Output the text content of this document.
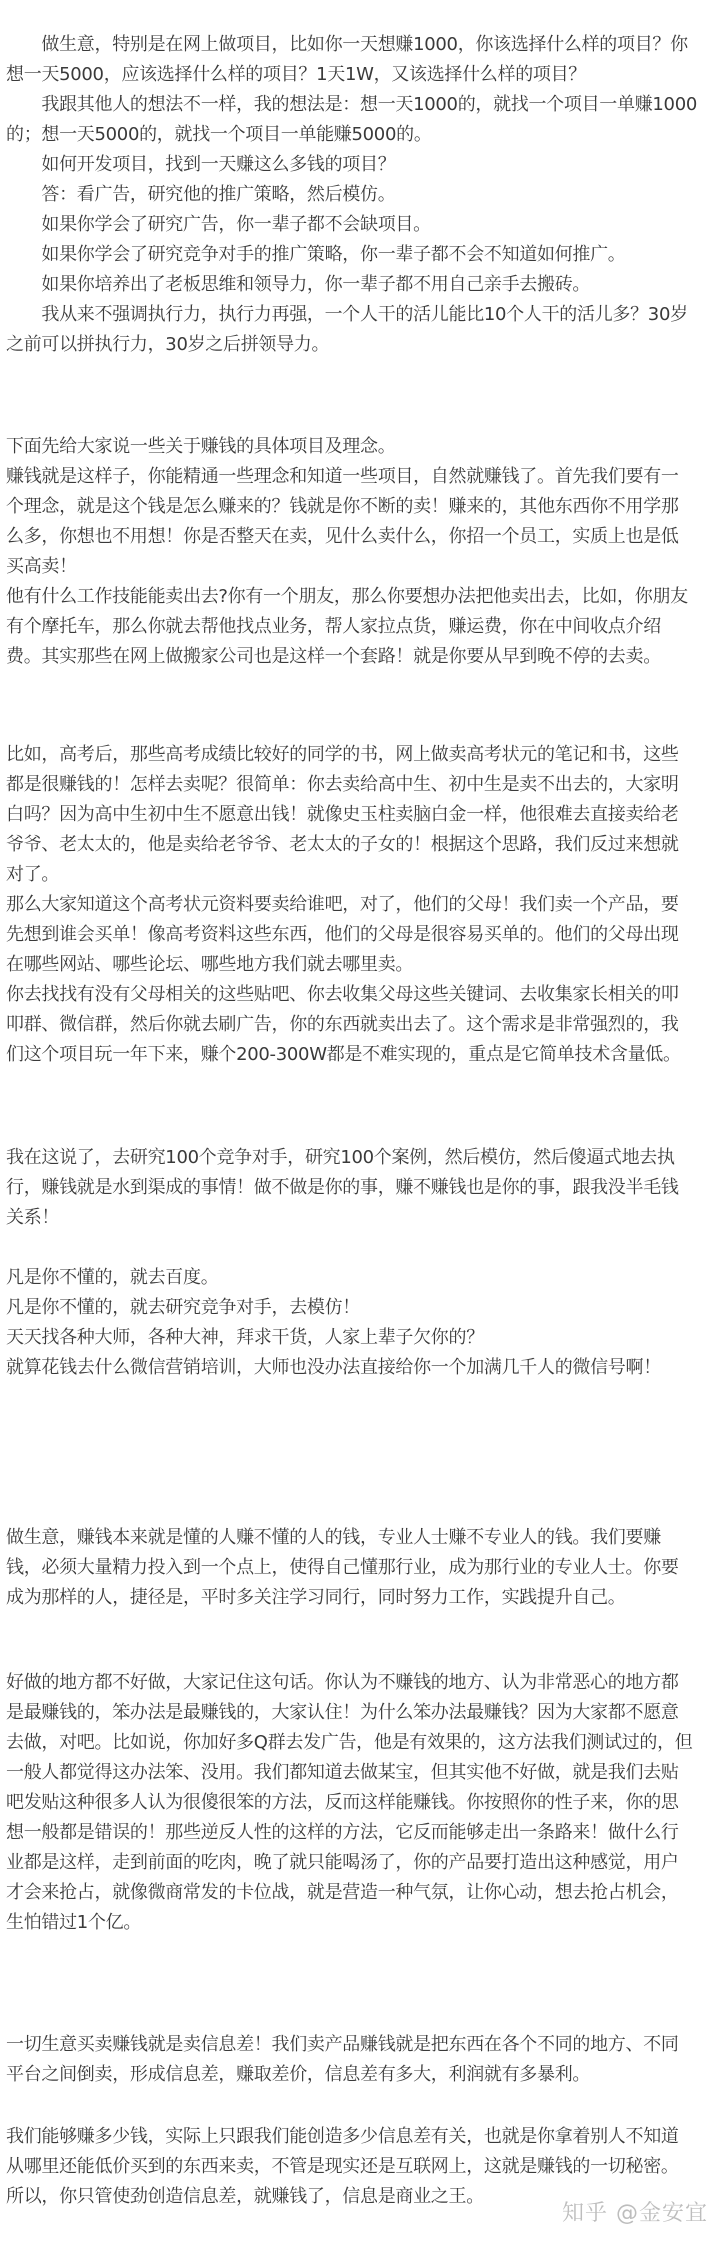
　　做生意，特别是在网上做项目，比如你一天想赚1000，你该选择什么样的项目？你
想一天5000，应该选择什么样的项目？1天1W，又该选择什么样的项目？
　　我跟其他人的想法不一样，我的想法是：想一天1000的，就找一个项目一单赚1000
的；想一天5000的，就找一个项目一单能赚5000的。
　　如何开发项目，找到一天赚这么多钱的项目？
　　答：看广告，研究他的推广策略，然后模仿。
　　如果你学会了研究广告，你一辈子都不会缺项目。
　　如果你学会了研究竞争对手的推广策略，你一辈子都不会不知道如何推广。
　　如果你培养出了老板思维和领导力，你一辈子都不用自己亲手去搬砖。
　　我从来不强调执行力，执行力再强，一个人干的活儿能比10个人干的活儿多？30岁
之前可以拼执行力，30岁之后拼领导力。
下面先给大家说一些关于赚钱的具体项目及理念。
赚钱就是这样子，你能精通一些理念和知道一些项目，自然就赚钱了。首先我们要有一
个理念，就是这个钱是怎么赚来的？钱就是你不断的卖！赚来的，其他东西你不用学那
么多，你想也不用想！你是否整天在卖，见什么卖什么，你招一个员工，实质上也是低
买高卖！
他有什么工作技能能卖出去?你有一个朋友，那么你要想办法把他卖出去，比如，你朋友
有个摩托车，那么你就去帮他找点业务，帮人家拉点货，赚运费，你在中间收点介绍
费。其实那些在网上做搬家公司也是这样一个套路！就是你要从早到晚不停的去卖。
比如，高考后，那些高考成绩比较好的同学的书，网上做卖高考状元的笔记和书，这些
都是很赚钱的！怎样去卖呢？很简单：你去卖给高中生、初中生是卖不出去的，大家明
白吗？因为高中生初中生不愿意出钱！就像史玉柱卖脑白金一样，他很难去直接卖给老
爷爷、老太太的，他是卖给老爷爷、老太太的子女的！根据这个思路，我们反过来想就
对了。
那么大家知道这个高考状元资料要卖给谁吧，对了，他们的父母！我们卖一个产品，要
先想到谁会买单！像高考资料这些东西，他们的父母是很容易买单的。他们的父母出现
在哪些网站、哪些论坛、哪些地方我们就去哪里卖。
你去找找有没有父母相关的这些贴吧、你去收集父母这些关键词、去收集家长相关的叩
叩群、微信群，然后你就去刷广告，你的东西就卖出去了。这个需求是非常强烈的，我
们这个项目玩一年下来，赚个200-300W都是不难实现的，重点是它简单技术含量低。
我在这说了，去研究100个竞争对手，研究100个案例，然后模仿，然后傻逼式地去执
行，赚钱就是水到渠成的事情！做不做是你的事，赚不赚钱也是你的事，跟我没半毛钱
关系！
凡是你不懂的，就去百度。
凡是你不懂的，就去研究竞争对手，去模仿！
天天找各种大师，各种大神，拜求干货，人家上辈子欠你的？
就算花钱去什么微信营销培训，大师也没办法直接给你一个加满几千人的微信号啊！
做生意，赚钱本来就是懂的人赚不懂的人的钱，专业人士赚不专业人的钱。我们要赚
钱，必须大量精力投入到一个点上，使得自己懂那行业，成为那行业的专业人士。你要
成为那样的人，捷径是，平时多关注学习同行，同时努力工作，实践提升自己。
好做的地方都不好做，大家记住这句话。你认为不赚钱的地方、认为非常恶心的地方都
是最赚钱的，笨办法是最赚钱的，大家认住！为什么笨办法最赚钱？因为大家都不愿意
去做，对吧。比如说，你加好多Q群去发广告，他是有效果的，这方法我们测试过的，但
一般人都觉得这办法笨、没用。我们都知道去做某宝，但其实他不好做，就是我们去贴
吧发贴这种很多人认为很傻很笨的方法，反而这样能赚钱。你按照你的性子来，你的思
想一般都是错误的！那些逆反人性的这样的方法，它反而能够走出一条路来！做什么行
业都是这样，走到前面的吃肉，晚了就只能喝汤了，你的产品要打造出这种感觉，用户
才会来抢占，就像微商常发的卡位战，就是营造一种气氛，让你心动，想去抢占机会，
生怕错过1个亿。
一切生意买卖赚钱就是卖信息差！我们卖产品赚钱就是把东西在各个不同的地方、不同
平台之间倒卖，形成信息差，赚取差价，信息差有多大，利润就有多暴利。
我们能够赚多少钱，实际上只跟我们能创造多少信息差有关，也就是你拿着别人不知道
从哪里还能低价买到的东西来卖，不管是现实还是互联网上，这就是赚钱的一切秘密。
所以，你只管使劲创造信息差，就赚钱了，信息是商业之王。
知乎 @金安宜
